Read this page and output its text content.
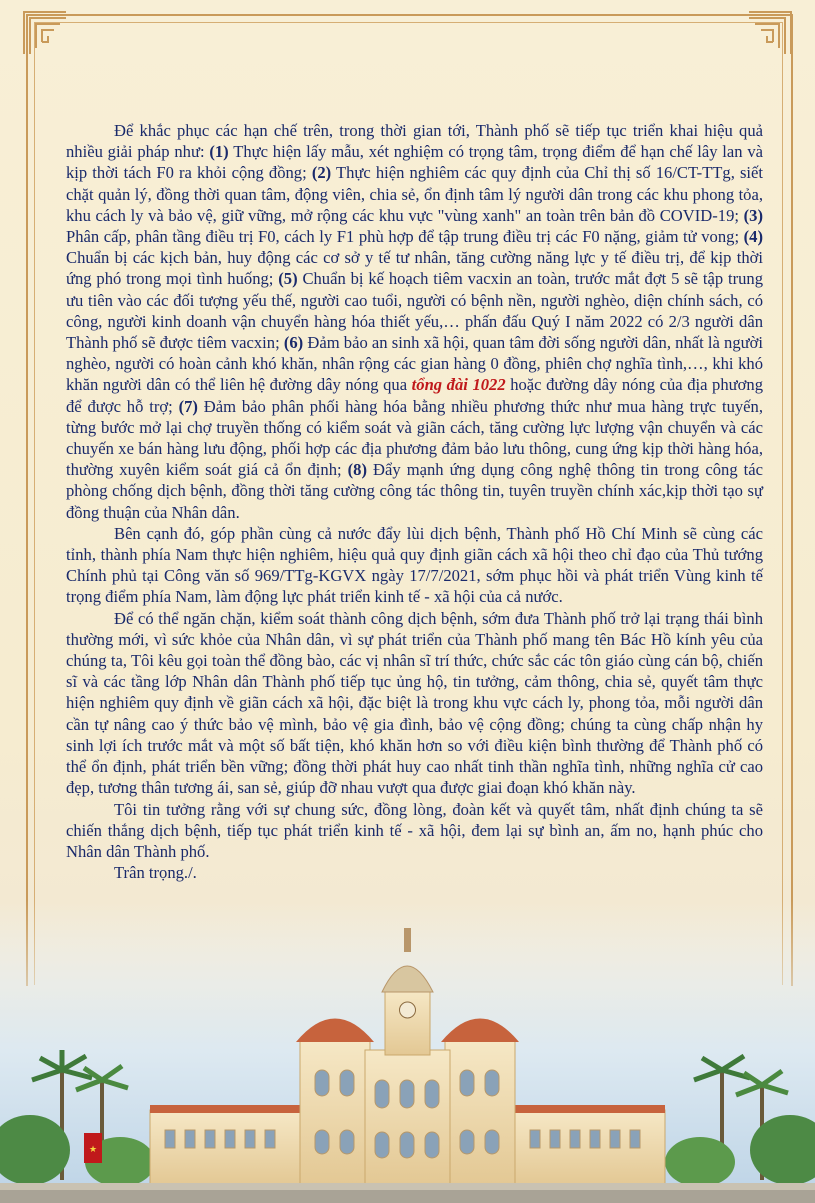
Để khắc phục các hạn chế trên, trong thời gian tới, Thành phố sẽ tiếp tục triển khai hiệu quả nhiều giải pháp như: (1) Thực hiện lấy mẫu, xét nghiệm có trọng tâm, trọng điểm để hạn chế lây lan và kịp thời tách F0 ra khỏi cộng đồng; (2) Thực hiện nghiêm các quy định của Chỉ thị số 16/CT-TTg, siết chặt quản lý, đồng thời quan tâm, động viên, chia sẻ, ổn định tâm lý người dân trong các khu phong tỏa, khu cách ly và bảo vệ, giữ vững, mở rộng các khu vực "vùng xanh" an toàn trên bản đồ COVID-19; (3) Phân cấp, phân tầng điều trị F0, cách ly F1 phù hợp để tập trung điều trị các F0 nặng, giảm tử vong; (4) Chuẩn bị các kịch bản, huy động các cơ sở y tế tư nhân, tăng cường năng lực y tế điều trị, để kịp thời ứng phó trong mọi tình huống; (5) Chuẩn bị kế hoạch tiêm vacxin an toàn, trước mắt đợt 5 sẽ tập trung ưu tiên vào các đối tượng yếu thế, người cao tuổi, người có bệnh nền, người nghèo, diện chính sách, có công, người kinh doanh vận chuyển hàng hóa thiết yếu,… phấn đấu Quý I năm 2022 có 2/3 người dân Thành phố sẽ được tiêm vacxin; (6) Đảm bảo an sinh xã hội, quan tâm đời sống người dân, nhất là người nghèo, người có hoàn cảnh khó khăn, nhân rộng các gian hàng 0 đồng, phiên chợ nghĩa tình,…, khi khó khăn người dân có thể liên hệ đường dây nóng qua tổng đài 1022 hoặc đường dây nóng của địa phương để được hỗ trợ; (7) Đảm bảo phân phối hàng hóa bằng nhiều phương thức như mua hàng trực tuyến, từng bước mở lại chợ truyền thống có kiểm soát và giãn cách, tăng cường lực lượng vận chuyển và các chuyến xe bán hàng lưu động, phối hợp các địa phương đảm bảo lưu thông, cung ứng kịp thời hàng hóa, thường xuyên kiểm soát giá cả ổn định; (8) Đẩy mạnh ứng dụng công nghệ thông tin trong công tác phòng chống dịch bệnh, đồng thời tăng cường công tác thông tin, tuyên truyền chính xác,kịp thời tạo sự đồng thuận của Nhân dân.

Bên cạnh đó, góp phần cùng cả nước đẩy lùi dịch bệnh, Thành phố Hồ Chí Minh sẽ cùng các tỉnh, thành phía Nam thực hiện nghiêm, hiệu quả quy định giãn cách xã hội theo chỉ đạo của Thủ tướng Chính phủ tại Công văn số 969/TTg-KGVX ngày 17/7/2021, sớm phục hồi và phát triển Vùng kinh tế trọng điểm phía Nam, làm động lực phát triển kinh tế - xã hội của cả nước.

Để có thể ngăn chặn, kiểm soát thành công dịch bệnh, sớm đưa Thành phố trở lại trạng thái bình thường mới, vì sức khỏe của Nhân dân, vì sự phát triển của Thành phố mang tên Bác Hồ kính yêu của chúng ta, Tôi kêu gọi toàn thể đồng bào, các vị nhân sĩ trí thức, chức sắc các tôn giáo cùng cán bộ, chiến sĩ và các tầng lớp Nhân dân Thành phố tiếp tục ủng hộ, tin tưởng, cảm thông, chia sẻ, quyết tâm thực hiện nghiêm quy định về giãn cách xã hội, đặc biệt là trong khu vực cách ly, phong tỏa, mỗi người dân cần tự nâng cao ý thức bảo vệ mình, bảo vệ gia đình, bảo vệ cộng đồng; chúng ta cùng chấp nhận hy sinh lợi ích trước mắt và một số bất tiện, khó khăn hơn so với điều kiện bình thường để Thành phố có thể ổn định, phát triển bền vững; đồng thời phát huy cao nhất tinh thần nghĩa tình, những nghĩa cử cao đẹp, tương thân tương ái, san sẻ, giúp đỡ nhau vượt qua được giai đoạn khó khăn này.

Tôi tin tưởng rằng với sự chung sức, đồng lòng, đoàn kết và quyết tâm, nhất định chúng ta sẽ chiến thắng dịch bệnh, tiếp tục phát triển kinh tế - xã hội, đem lại sự bình an, ấm no, hạnh phúc cho Nhân dân Thành phố.

Trân trọng./.

★
